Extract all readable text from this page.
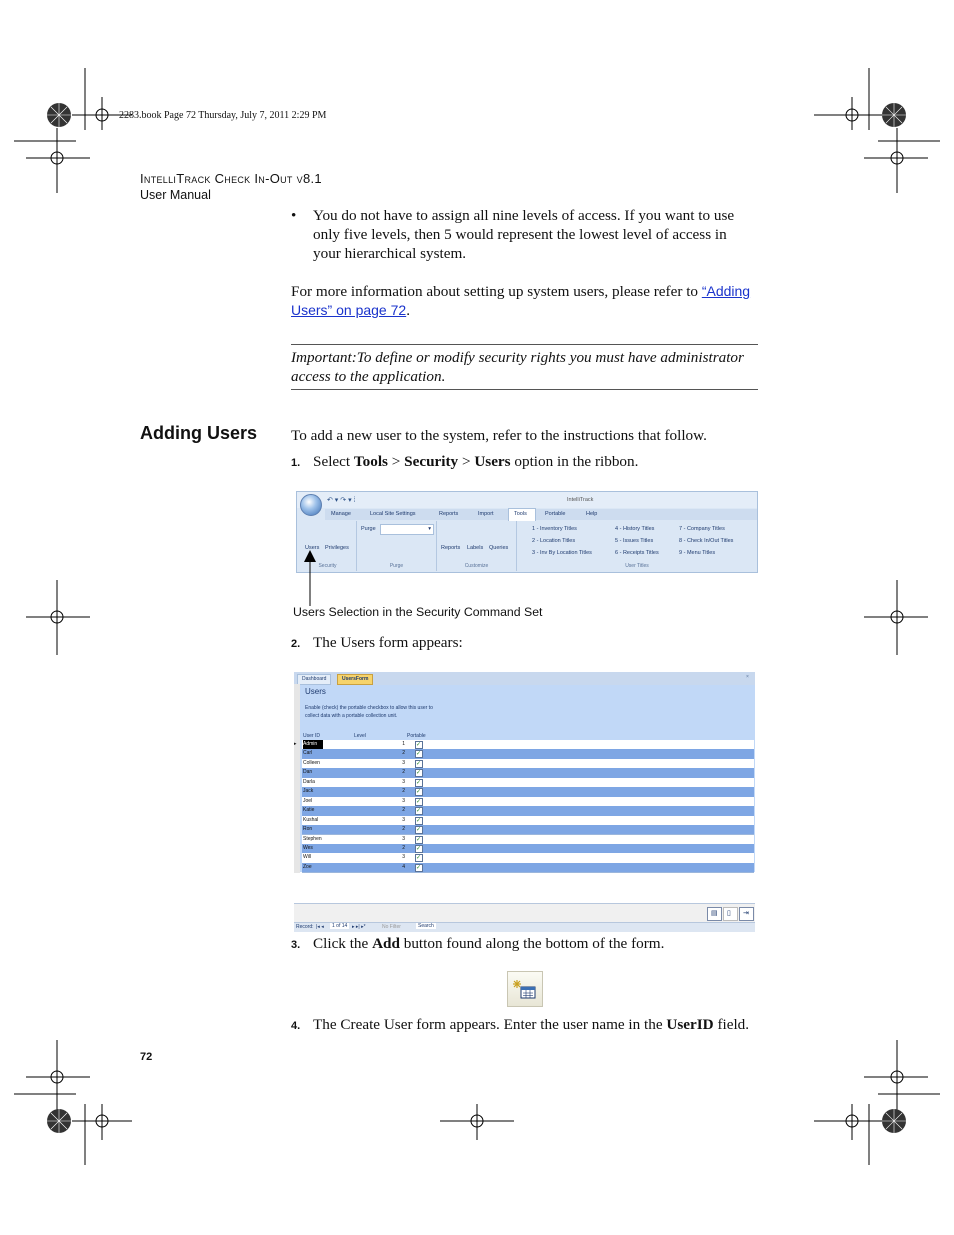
2283.book Page 72 Thursday, July 7, 2011 2:29 PM
IntelliTrack Check In-Out v8.1
User Manual
• You do not have to assign all nine levels of access. If you want to use only five levels, then 5 would represent the lowest level of access in your hierarchical system.
For more information about setting up system users, please refer to “Adding Users” on page 72.
Important:To define or modify security rights you must have administrator access to the application.
Adding Users To add a new user to the system, refer to the instructions that follow.
1. Select Tools > Security > Users option in the ribbon.
↶ ▾ ↷ ▾ ⁞	IntelliTrack
Manage	Local Site Settings	Reports	Import	Tools	Portable	Help
Users Privileges
Security
Purge	▾
Purge
Reports Labels Queries
Customize
1 - Inventory Titles
2 - Location Titles
3 - Inv By Location Titles
4 - History Titles
5 - Issues Titles
6 - Receipts Titles
7 - Company Titles
8 - Check In/Out Titles
9 - Menu Titles
User Titles
Users Selection in the Security Command Set
2. The Users form appears:
Dashboard	UsersForm	×
Users
Enable (check) the portable checkbox to allow this user to collect data with a portable collection unit.
User ID	Level	Portable
Admin	1 ✓
▸
Carl	2 ✓
Colleen	3 ✓
Dan	2 ✓
Darla	3 ✓
Jack	2 ✓
Joel	3 ✓
Katie	2 ✓
Kushal	3 ✓
Ron	2 ✓
Stephen	3 ✓
Wes	2 ✓
Will	3 ✓
Zoe	4 ✓
▤ ▯ ⇥
Record: |◂ ◂	1 of 14 ▸ ▸| ▸*	No Filter	Search
3. Click the Add button found along the bottom of the form.
4. The Create User form appears. Enter the user name in the UserID field.
72
